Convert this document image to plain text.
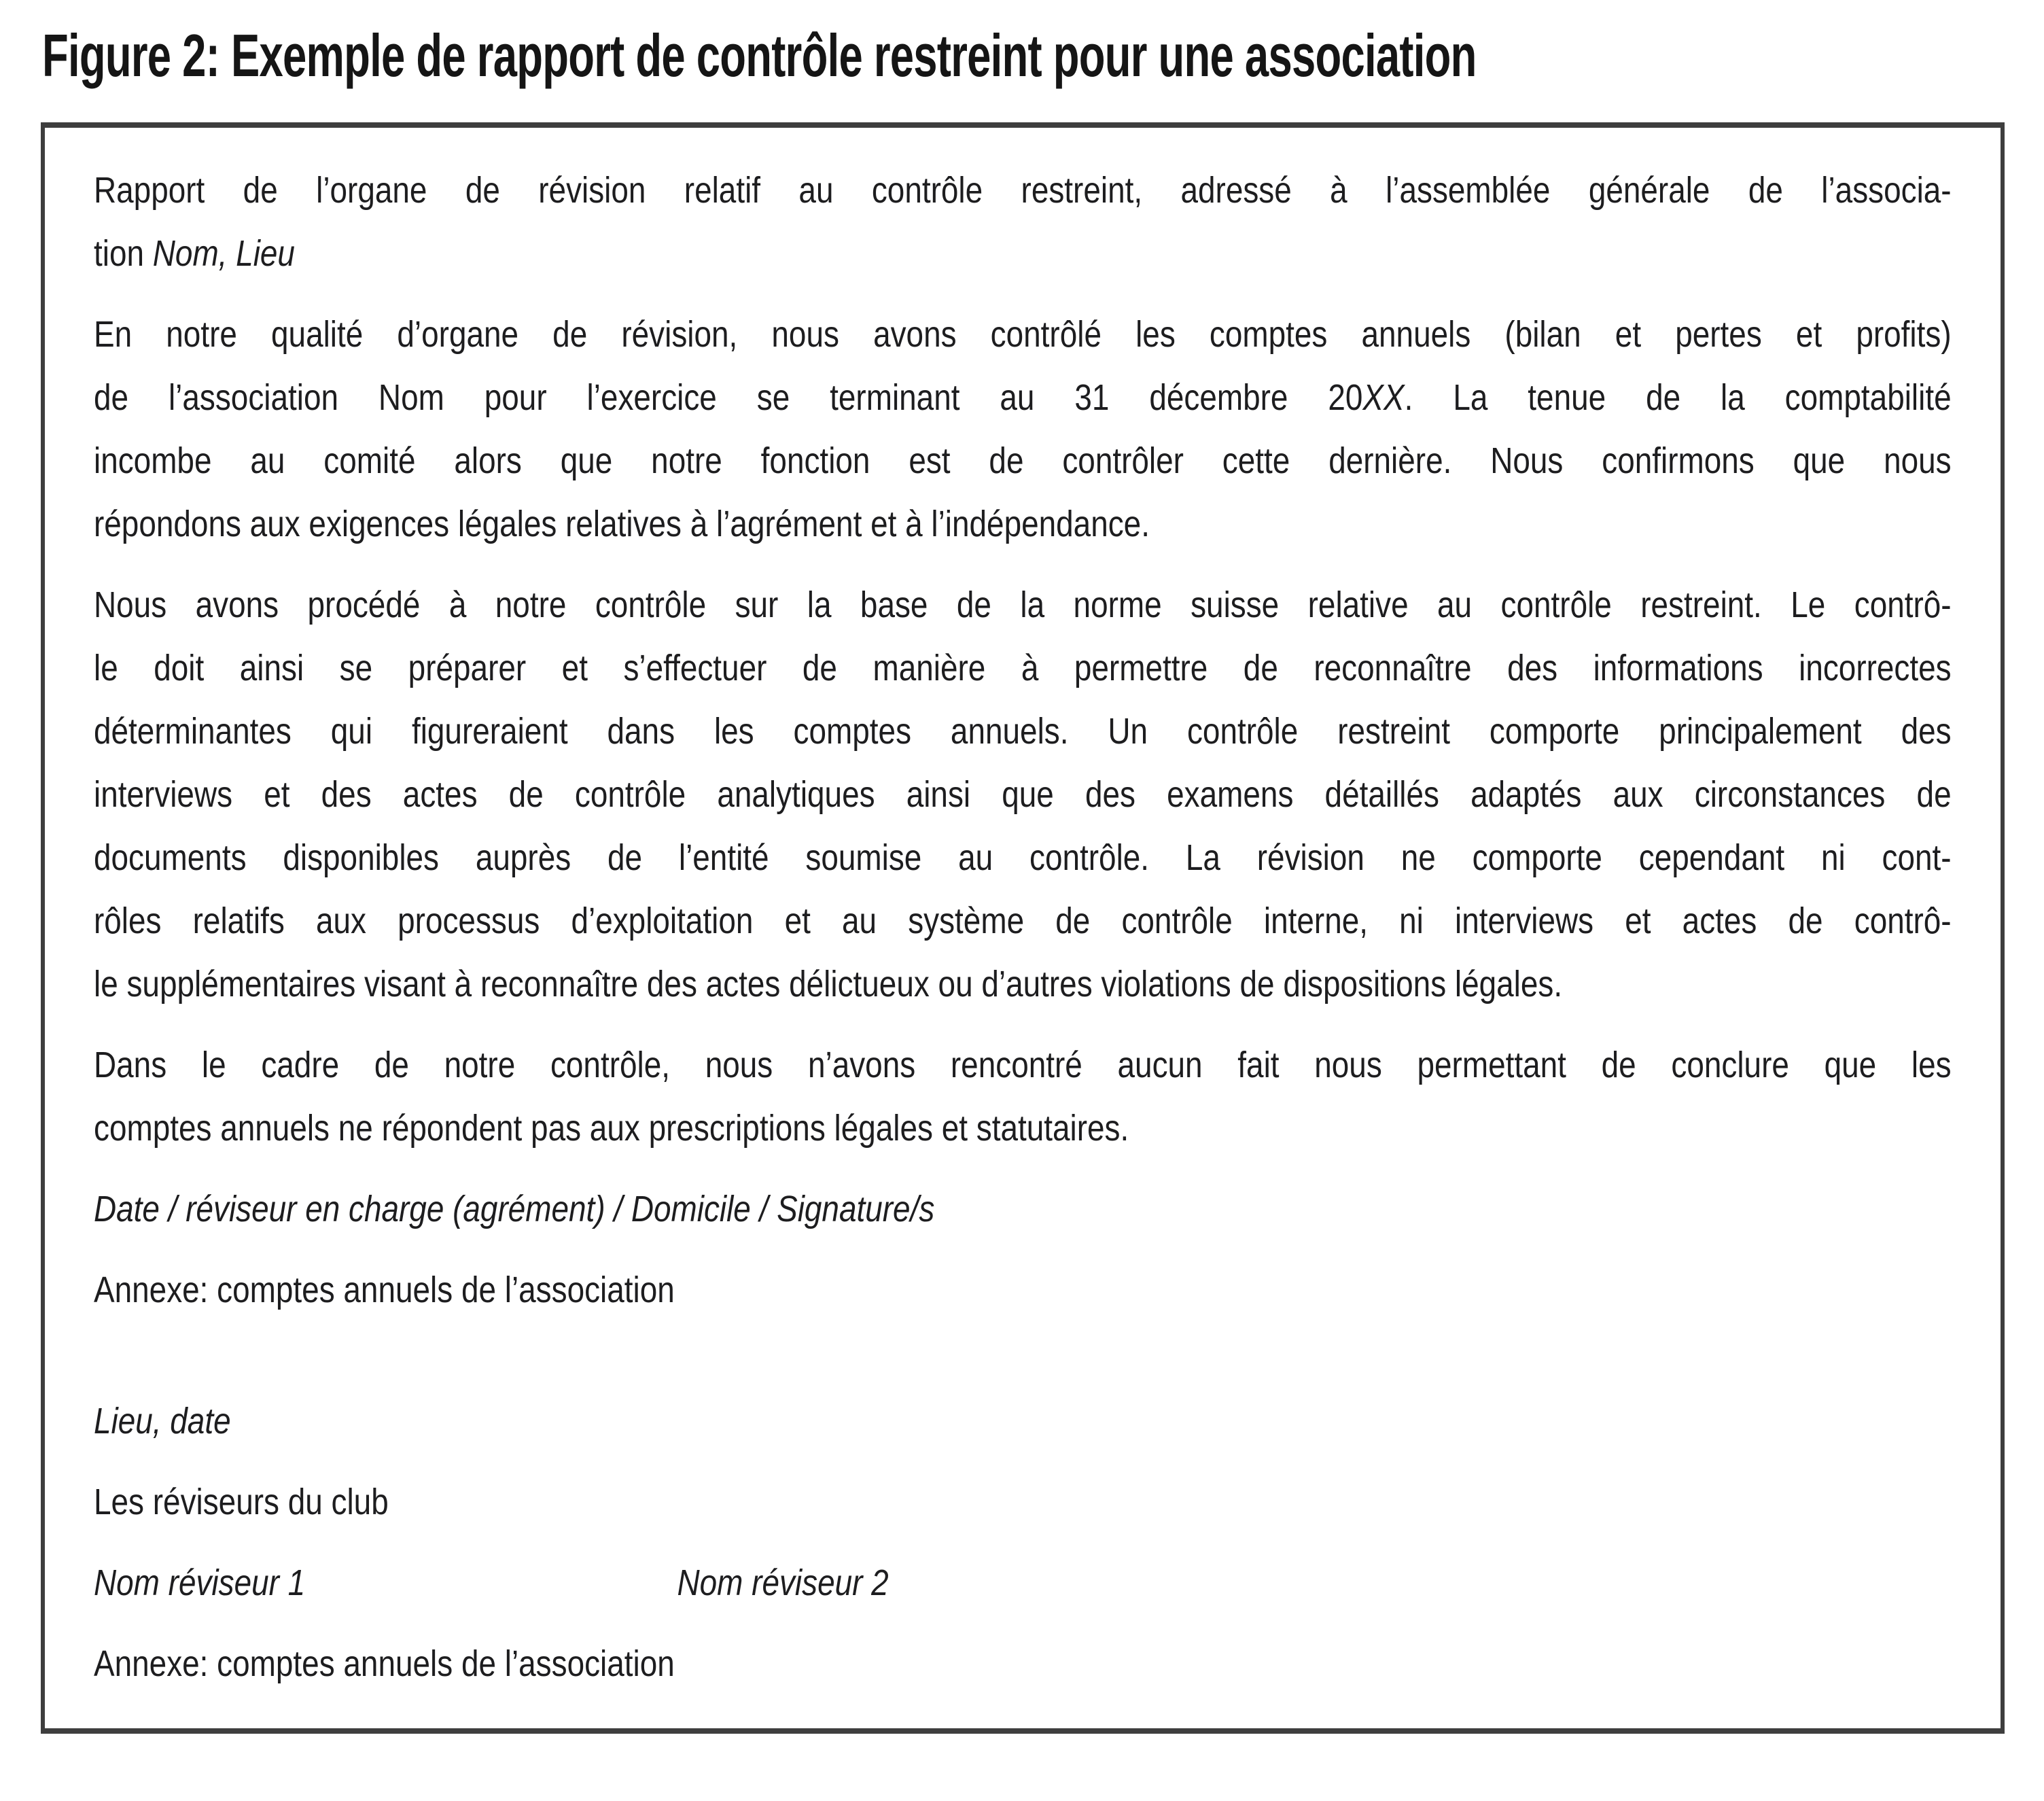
Figure 2: Exemple de rapport de contrôle restreint pour une association
Rapport de l’organe de révision relatif au contrôle restreint, adressé à l’assemblée générale de l’associa-
tion Nom, Lieu
En notre qualité d’organe de révision, nous avons contrôlé les comptes annuels (bilan et pertes et profits)
de l’association Nom pour l’exercice se terminant au 31 décembre 20XX. La tenue de la comptabilité
incombe au comité alors que notre fonction est de contrôler cette dernière. Nous confirmons que nous
répondons aux exigences légales relatives à l’agrément et à l’indépendance.
Nous avons procédé à notre contrôle sur la base de la norme suisse relative au contrôle restreint. Le contrô-
le doit ainsi se préparer et s’effectuer de manière à permettre de reconnaître des informations incorrectes
déterminantes qui figureraient dans les comptes annuels. Un contrôle restreint comporte principalement des
interviews et des actes de contrôle analytiques ainsi que des examens détaillés adaptés aux circonstances de
documents disponibles auprès de l’entité soumise au contrôle. La révision ne comporte cependant ni cont-
rôles relatifs aux processus d’exploitation et au système de contrôle interne, ni interviews et actes de contrô-
le supplémentaires visant à reconnaître des actes délictueux ou d’autres violations de dispositions légales.
Dans le cadre de notre contrôle, nous n’avons rencontré aucun fait nous permettant de conclure que les
comptes annuels ne répondent pas aux prescriptions légales et statutaires.
Date / réviseur en charge (agrément) / Domicile / Signature/s
Annexe: comptes annuels de l’association
Lieu, date
Les réviseurs du club
Nom réviseur 1	Nom réviseur 2
Annexe: comptes annuels de l’association
